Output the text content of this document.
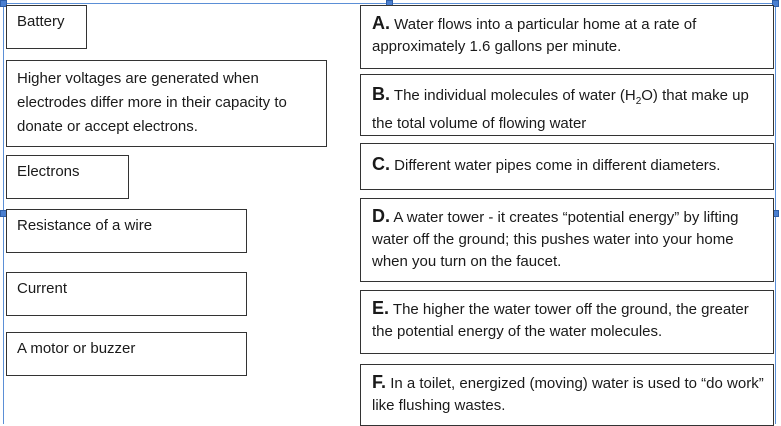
Battery
Higher voltages are generated when electrodes differ more in their capacity to donate or accept electrons.
Electrons
Resistance of a wire
Current
A motor or buzzer
A. Water flows into a particular home at a rate of approximately 1.6 gallons per minute.
B. The individual molecules of water $(H_2O)$ that make up the total volume of flowing water
C. Different water pipes come in different diameters.
D. A water tower - it creates “potential energy” by lifting water off the ground; this pushes water into your home when you turn on the faucet.
E. The higher the water tower off the ground, the greater the potential energy of the water molecules.
F. In a toilet, energized (moving) water is used to “do work” like flushing wastes.
